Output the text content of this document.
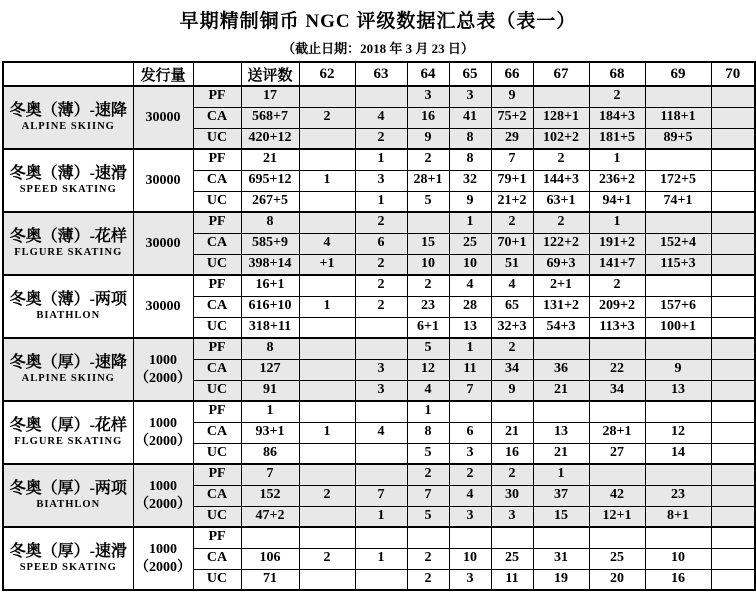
早期精制铜币 NGC 评级数据汇总表（表一）
（截止日期：2018 年 3 月 23 日）
	发行量		送评数	62	63	64	65	66	67	68	69	70

冬奥（薄）-速降
ALPINE SKIING	30000	PF	17			3	3	9		2		
		CA	568+7	2	4	16	41	75+2	128+1	184+3	118+1	
		UC	420+12		2	9	8	29	102+2	181+5	89+5	

冬奥（薄）-速滑
SPEED SKATING	30000	PF	21		1	2	8	7	2	1		
		CA	695+12	1	3	28+1	32	79+1	144+3	236+2	172+5	
		UC	267+5		1	5	9	21+2	63+1	94+1	74+1	

冬奥（薄）-花样
FLGURE SKATING	30000	PF	8		2		1	2	2	1		
		CA	585+9	4	6	15	25	70+1	122+2	191+2	152+4	
		UC	398+14	+1	2	10	10	51	69+3	141+7	115+3	

冬奥（薄）-两项
BIATHLON	30000	PF	16+1		2	2	4	4	2+1	2		
		CA	616+10	1	2	23	28	65	131+2	209+2	157+6	
		UC	318+11			6+1	13	32+3	54+3	113+3	100+1	

冬奥（厚）-速降
ALPINE SKIING

1000
（2000）
	PF	8			5	1	2				
		CA	127		3	12	11	34	36	22	9	
		UC	91		3	4	7	9	21	34	13	

冬奥（厚）-花样
FLGURE SKATING

1000
（2000）
	PF	1			1						
		CA	93+1	1	4	8	6	21	13	28+1	12	
		UC	86			5	3	16	21	27	14	

冬奥（厚）-两项
BIATHLON

1000
（2000）
	PF	7			2	2	2	1			
		CA	152	2	7	7	4	30	37	42	23	
		UC	47+2		1	5	3	3	15	12+1	8+1	

冬奥（厚）-速滑
SPEED SKATING

1000
（2000）
	PF										
		CA	106	2	1	2	10	25	31	25	10	
		UC	71			2	3	11	19	20	16	
